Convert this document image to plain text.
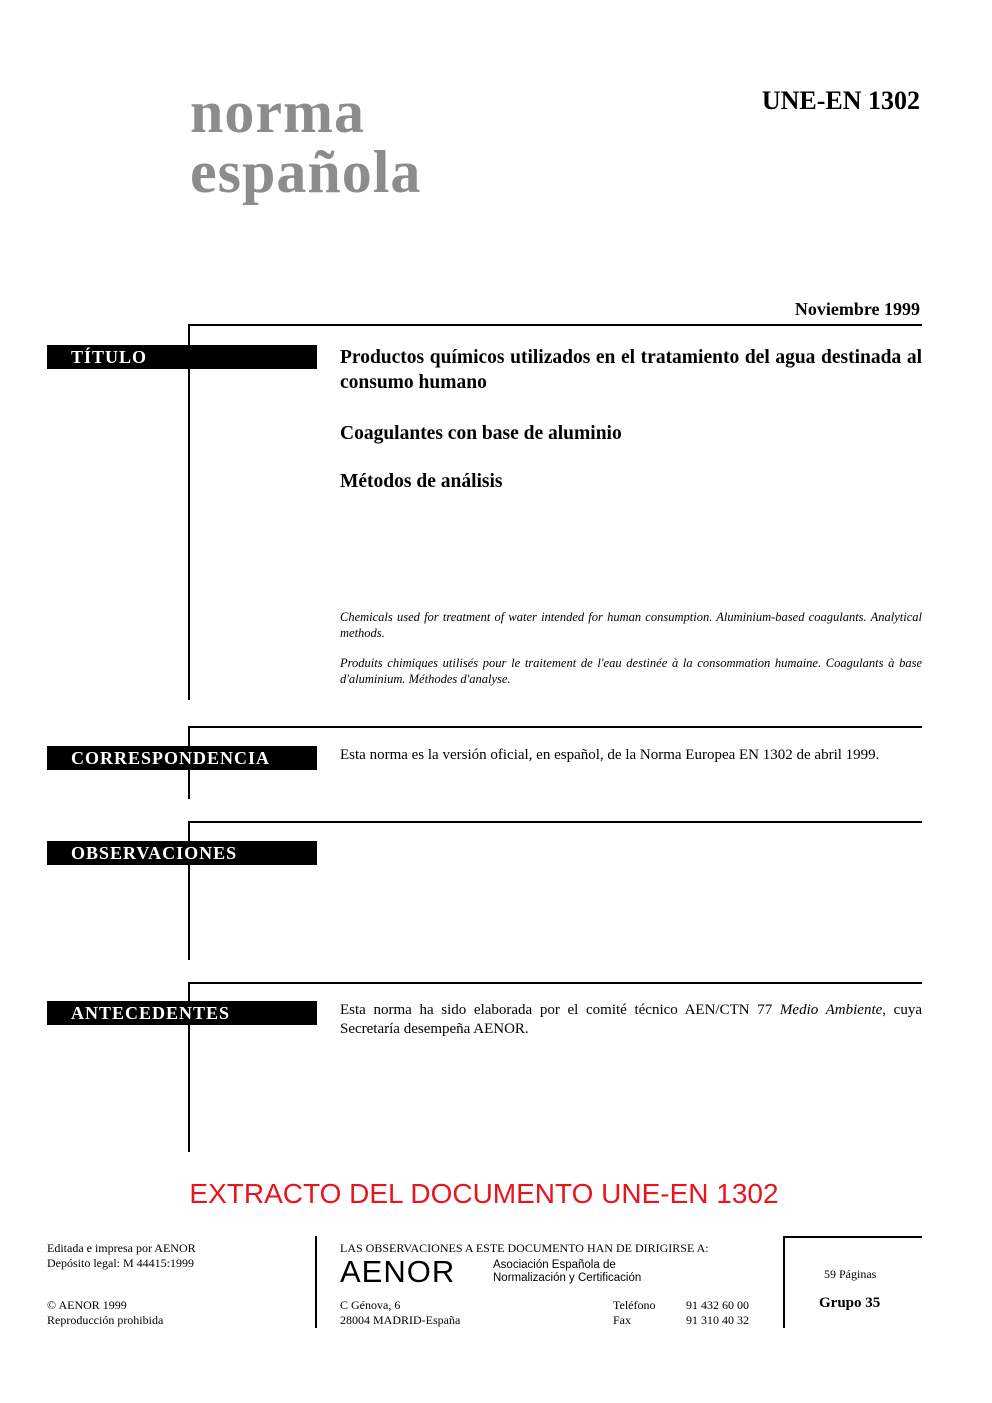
norma
española
UNE-EN 1302
Noviembre 1999
TÍTULO	Productos químicos utilizados en el tratamiento del agua destinada al consumo humano
Coagulantes con base de aluminio
Métodos de análisis
Chemicals used for treatment of water intended for human consumption. Aluminium-based coagulants. Analytical methods.
Produits chimiques utilisés pour le traitement de l'eau destinée à la consommation humaine. Coagulants à base d'aluminium. Méthodes d'analyse.
CORRESPONDENCIA	Esta norma es la versión oficial, en español, de la Norma Europea EN 1302 de abril 1999.
OBSERVACIONES
ANTECEDENTES	Esta norma ha sido elaborada por el comité técnico AEN/CTN 77 Medio Ambiente, cuya Secretaría desempeña AENOR.
EXTRACTO DEL DOCUMENTO UNE-EN 1302
Editada e impresa por AENOR
Depósito legal: M 44415:1999
© AENOR 1999
Reproducción prohibida
LAS OBSERVACIONES A ESTE DOCUMENTO HAN DE DIRIGIRSE A:
AENOR	Asociación Española de
Normalización y Certificación
C Génova, 6
28004 MADRID-España
Teléfono	91 432 60 00
Fax	91 310 40 32
59 Páginas
Grupo 35
